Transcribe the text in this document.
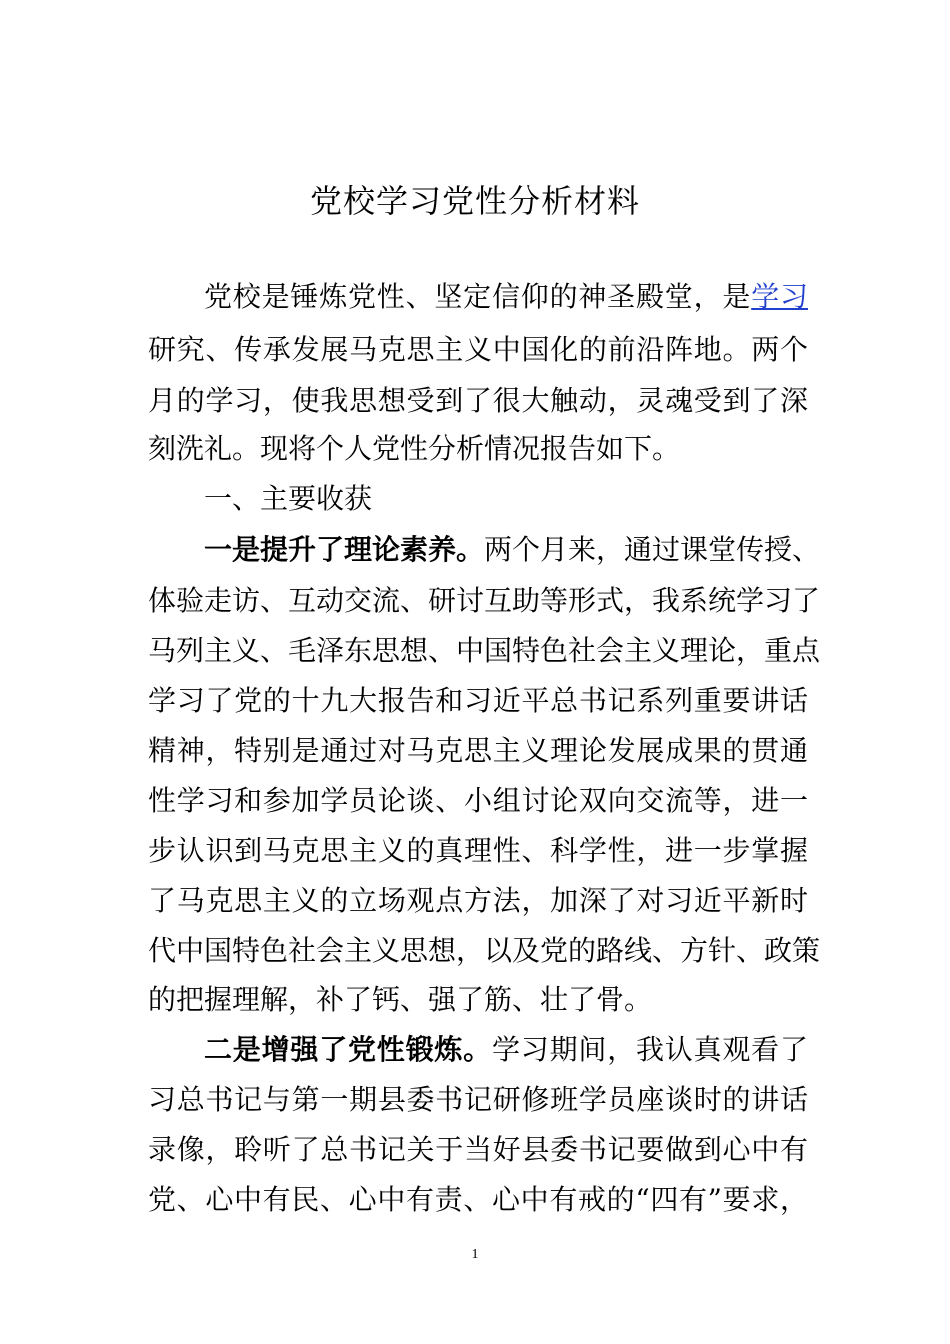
党校学习党性分析材料
党校是锤炼党性、坚定信仰的神圣殿堂，是学习
研究、传承发展马克思主义中国化的前沿阵地。两个
月的学习，使我思想受到了很大触动，灵魂受到了深
刻洗礼。现将个人党性分析情况报告如下。
一、主要收获
一是提升了理论素养。两个月来，通过课堂传授、
体验走访、互动交流、研讨互助等形式，我系统学习了
马列主义、毛泽东思想、中国特色社会主义理论，重点
学习了党的十九大报告和习近平总书记系列重要讲话
精神，特别是通过对马克思主义理论发展成果的贯通
性学习和参加学员论谈、小组讨论双向交流等，进一
步认识到马克思主义的真理性、科学性，进一步掌握
了马克思主义的立场观点方法，加深了对习近平新时
代中国特色社会主义思想，以及党的路线、方针、政策
的把握理解，补了钙、强了筋、壮了骨。
二是增强了党性锻炼。学习期间，我认真观看了
习总书记与第一期县委书记研修班学员座谈时的讲话
录像，聆听了总书记关于当好县委书记要做到心中有
党、心中有民、心中有责、心中有戒的“四有”要求，
1
